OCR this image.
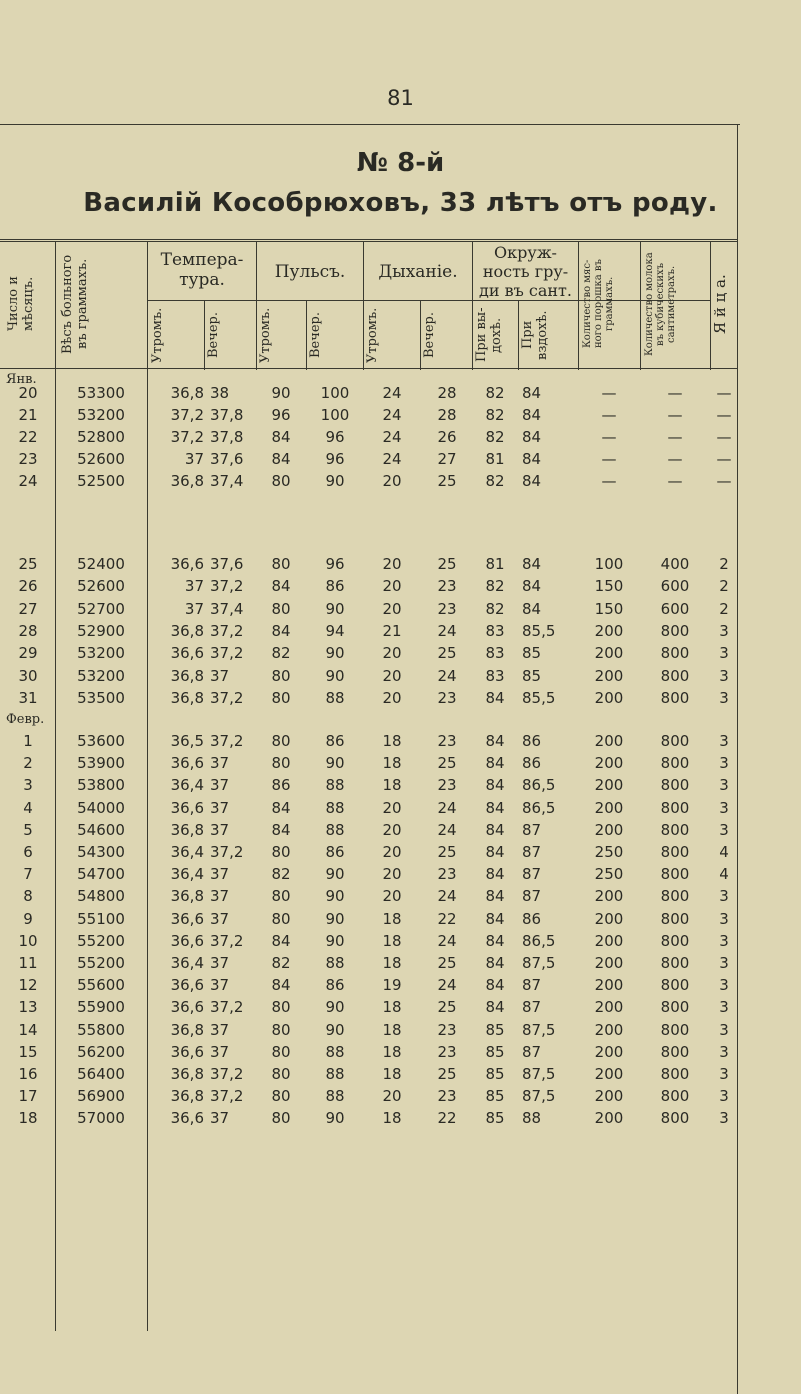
81
№ 8-й
Василій Кособрюховъ, 33 лѣтъ отъ роду.
Число и мѣсяцъ.	Вѣсъ больного въ граммахъ.	Темпера-тура.	Пульсъ.	Дыханіе.
Окруж-ность гру-ди въ сант.	Количество мяс-ного порошка въ граммахъ.	Количество молока въ кубическихъ сантиметрахъ.	Я й ц а.
Утромъ.	Вечер.	Утромъ.	Вечер.	Утромъ.	Вечер.	При вы-дохѣ.	При вздохѣ.
Янв.
Февр.
20	53300	36,8 38	90	100	24	28	82	84	—	—	—
21	53200	37,2 37,8	96	100	24	28	82	84	—	—	—
22	52800	37,2 37,8	84	96	24	26	82	84	—	—	—
23	52600	37 37,6	84	96	24	27	81	84	—	—	—
24	52500	36,8 37,4	80	90	20	25	82	84	—	—	—
25	52400	36,6 37,6	80	96	20	25	81	84	100	400	2
26	52600	37 37,2	84	86	20	23	82	84	150	600	2
27	52700	37 37,4	80	90	20	23	82	84	150	600	2
28	52900	36,8 37,2	84	94	21	24	83	85,5	200	800	3
29	53200	36,6 37,2	82	90	20	25	83	85	200	800	3
30	53200	36,8 37	80	90	20	24	83	85	200	800	3
31	53500	36,8 37,2	80	88	20	23	84	85,5	200	800	3
1	53600	36,5 37,2	80	86	18	23	84	86	200	800	3
2	53900	36,6 37	80	90	18	25	84	86	200	800	3
3	53800	36,4 37	86	88	18	23	84	86,5	200	800	3
4	54000	36,6 37	84	88	20	24	84	86,5	200	800	3
5	54600	36,8 37	84	88	20	24	84	87	200	800	3
6	54300	36,4 37,2	80	86	20	25	84	87	250	800	4
7	54700	36,4 37	82	90	20	23	84	87	250	800	4
8	54800	36,8 37	80	90	20	24	84	87	200	800	3
9	55100	36,6 37	80	90	18	22	84	86	200	800	3
10	55200	36,6 37,2	84	90	18	24	84	86,5	200	800	3
11	55200	36,4 37	82	88	18	25	84	87,5	200	800	3
12	55600	36,6 37	84	86	19	24	84	87	200	800	3
13	55900	36,6 37,2	80	90	18	25	84	87	200	800	3
14	55800	36,8 37	80	90	18	23	85	87,5	200	800	3
15	56200	36,6 37	80	88	18	23	85	87	200	800	3
16	56400	36,8 37,2	80	88	18	25	85	87,5	200	800	3
17	56900	36,8 37,2	80	88	20	23	85	87,5	200	800	3
18	57000	36,6 37	80	90	18	22	85	88	200	800	3
